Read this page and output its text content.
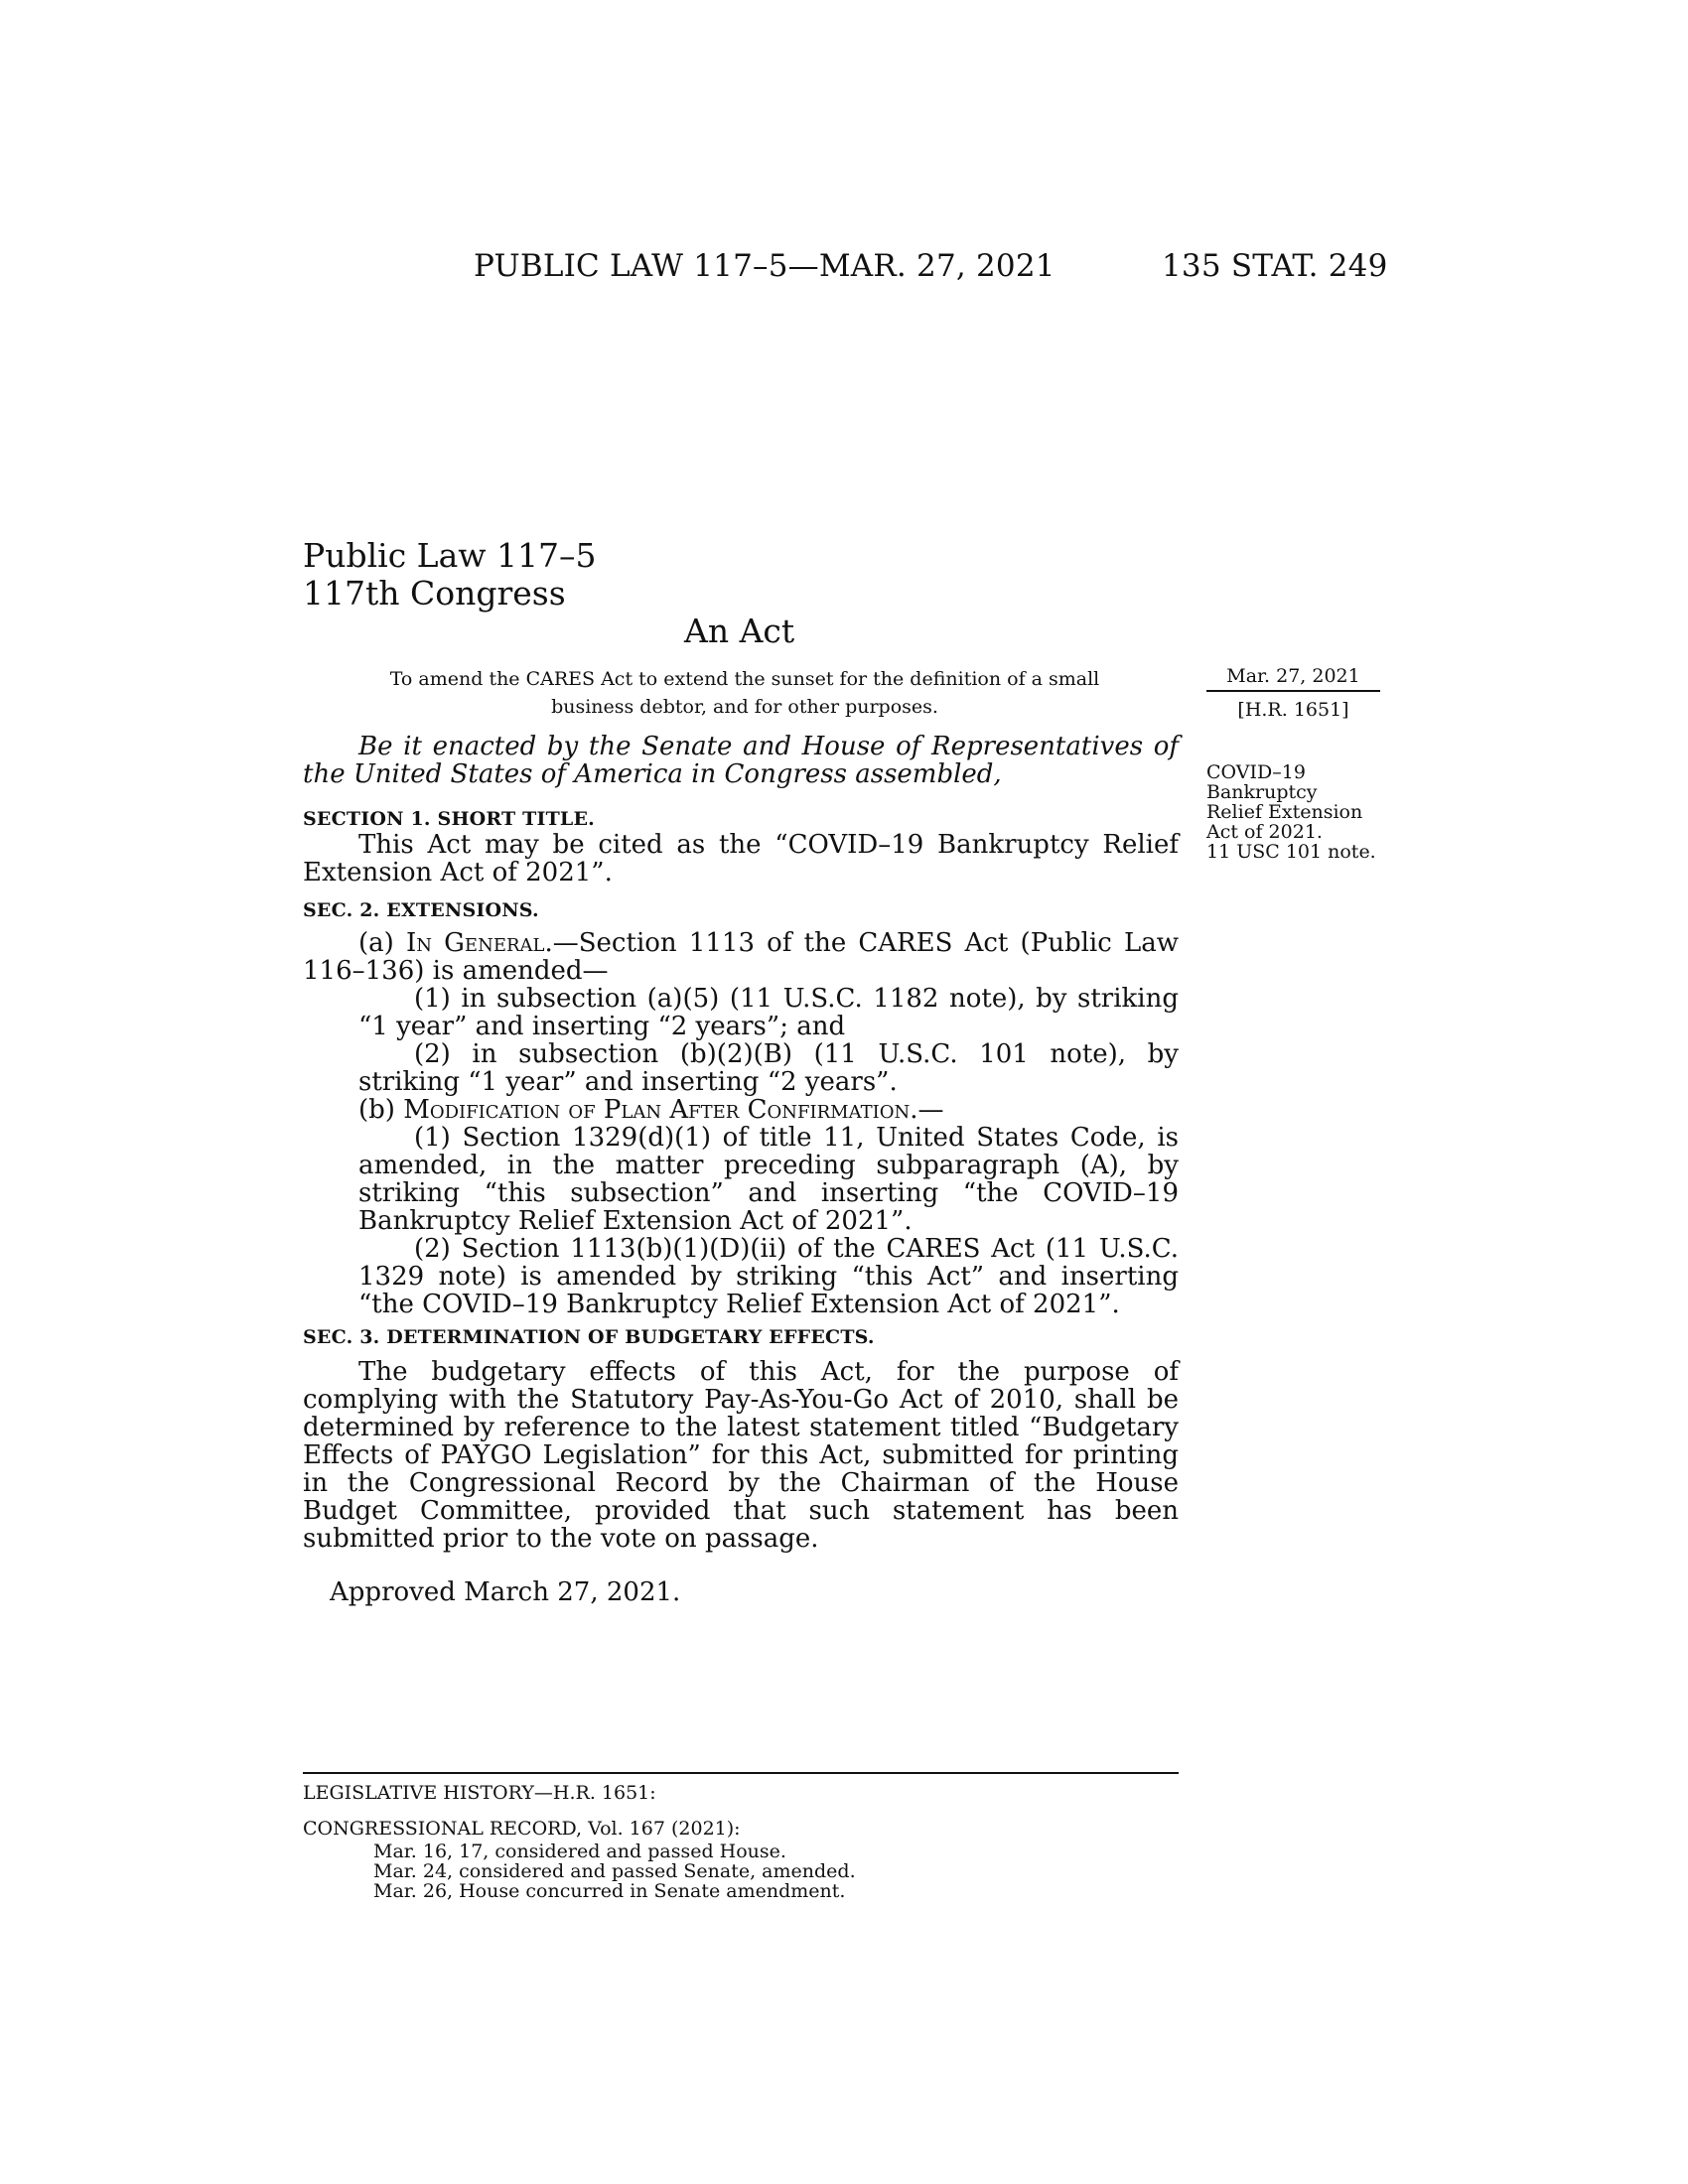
PUBLIC LAW 117–5—MAR. 27, 2021	135 STAT. 249
Public Law 117–5
117th Congress
An Act
To amend the CARES Act to extend the sunset for the definition of a small
business debtor, and for other purposes.
Mar. 27, 2021
[H.R. 1651]
COVID–19
Bankruptcy
Relief Extension
Act of 2021.
11 USC 101 note.

Be it enacted by the Senate and House of Representatives of the United States of America in Congress assembled,

SECTION 1. SHORT TITLE.

This Act may be cited as the “COVID–19 Bankruptcy Relief Extension Act of 2021”.

SEC. 2. EXTENSIONS.

(a) In General.—Section 1113 of the CARES Act (Public Law 116–136) is amended—

(1) in subsection (a)(5) (11 U.S.C. 1182 note), by striking “1 year” and inserting “2 years”; and

(2) in subsection (b)(2)(B) (11 U.S.C. 101 note), by striking “1 year” and inserting “2 years”.

(b) Modification of Plan After Confirmation.—

(1) Section 1329(d)(1) of title 11, United States Code, is amended, in the matter preceding subparagraph (A), by striking “this subsection” and inserting “the COVID–19 Bankruptcy Relief Extension Act of 2021”.

(2) Section 1113(b)(1)(D)(ii) of the CARES Act (11 U.S.C. 1329 note) is amended by striking “this Act” and inserting “the COVID–19 Bankruptcy Relief Extension Act of 2021”.

SEC. 3. DETERMINATION OF BUDGETARY EFFECTS.

The budgetary effects of this Act, for the purpose of complying with the Statutory Pay-As-You-Go Act of 2010, shall be determined by reference to the latest statement titled “Budgetary Effects of PAYGO Legislation” for this Act, submitted for printing in the Congressional Record by the Chairman of the House Budget Committee, provided that such statement has been submitted prior to the vote on passage.

Approved March 27, 2021.
LEGISLATIVE HISTORY—H.R. 1651:
CONGRESSIONAL RECORD, Vol. 167 (2021):
Mar. 16, 17, considered and passed House.
Mar. 24, considered and passed Senate, amended.
Mar. 26, House concurred in Senate amendment.
